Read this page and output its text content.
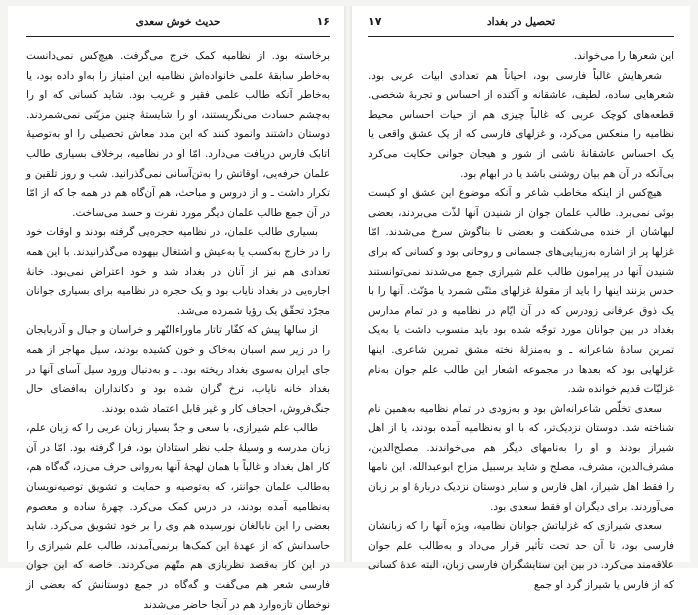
۱۶
حدیث خوش سعدی

برخاسته بود. از نظامیه کمک خرج می‌گرفت. هیچ‌کس نمی‌دانست به‌خاطر سابقهٔ علمی خانواده‌اش نظامیه این امتیاز را به‌او داده بود، یا به‌خاطر آنکه طالب علمی فقیر و غریب بود. شاید کسانی که او را به‌چشم حسادت می‌نگریستند، او را شایستهٔ چنین مزیّتی نمی‌شمردند. دوستان داشتند وانمود کنند که این مدد معاش تحصیلی را او به‌توصیهٔ اتابک فارس دریافت می‌دارد. امّا او در نظامیه، برخلاف بسیاری طالب علمان حرفه‌یی، اوقاتش را به‌تن‌آسانی نمی‌گذرانید. شب و روز تلقین و تکرار داشت ـ و از دروس و مباحث، هم آن‌گاه هم در همه‌ جا که از امّا در آن جمع طالب علمان دیگر مورد نفرت و حسد می‌ساخت.

بسیاری طالب علمان، در نظامیه حجره‌یی گرفته بودند و اوقات خود را در خارج به‌کسب یا به‌عیش و اشتغال بیهوده می‌گذرانیدند. با این همه تعدادی هم نیز از آنان در بغداد شد و خود اعتراض نمی‌بود. خانهٔ اجاره‌یی در بغداد نایاب بود و یک حجره در نظامیه برای بسیاری جوانان مجرّد تحقّق یک رؤیا شمرده می‌شد.

از سالها پیش که کفّار تاتار ماوراءالنّهر و خراسان و جبال و آذربایجان را در زیر سم اسبان به‌خاک و خون کشیده بودند، سیل مهاجر از همه جای ایران به‌سوی بغداد ریخته بود. ـ و به‌دنبال ورود سیل آسای آنها در بغداد خانه نایاب، نرخ گران شده بود و دکانداران به‌افضای حال جنگ‌فروش، احجاف کار و غیر قابل اعتماد شده بودند.

طالب علم شیرازی، با سعی و جدّ بسیار زبان عربی را که زبان علم، زبان مدرسه و وسیلهٔ جلب نظر استادان بود، فرا گرفته بود. امّا در آن کار اهل بغداد و غالباً با همان لهجهٔ آنها به‌روانی حرف می‌زد، گه‌گاه هم، به‌طالب علمان جوانتر، که به‌توصیه و حمایت و تشویق توصیه‌نویسان به‌نظامیه آمده بودند، در درس کمک می‌کرد. چهرهٔ ساده و معصوم بعضی را این نابالغان نورسیده هم وی را بر خود تشویق می‌کرد. شاید حاسدانش که از عهدهٔ این کمک‌ها برنمی‌آمدند، طالب علم شیرازی را در این کار به‌قصد نظربازی هم متّهم می‌کردند. خاصه که این جوان فارسی شعر هم می‌گفت و گه‌گاه در جمع دوستانش که بعضی از نوخطان تازه‌وارد هم در آنجا حاضر می‌شدند

۱۷	تحصیل در بغداد

این شعرها را می‌خواند.

شعرهایش غالباً فارسی بود، احیاناً هم تعدادی ابیات عربی بود. شعرهایی ساده، لطیف، عاشقانه و آکنده از احساس و تجربهٔ شخصی. قطعه‌های کوچک عربی که غالباً چیزی هم از حیات احساس محیط نظامیه را منعکس می‌کرد، و غزلهای فارسی که از یک عشق واقعی یا یک احساس عاشقانهٔ ناشی از شور و هیجان جوانی حکایت می‌کرد بی‌آنکه در آن هم بیان روشنی باشد یا در ابهام بود.

هیچ‌کس از اینکه مخاطب شاعر و آنکه موضوع این عشق او کیست بوئی نمی‌برد. طالب علمان جوان از شنیدن آنها لذّت می‌بردند، بعضی لبهاشان از خنده می‌شکفت و بعضی تا بناگوش سرخ می‌شدند. امّا غزلها پر از اشاره به‌زیبایی‌های جسمانی و روحانی بود و کسانی که برای شنیدن آنها در پیرامون طالب علم شیرازی جمع می‌شدند نمی‌توانستند حدس بزنند اینها را باید از مقولهٔ غزلهای مثنّی شمرد یا مؤنّث. آنها را با یک ذوق عرفانی زودرس که در آن ایّام در نظامیه و در تمام مدارس بغداد در بین جوانان مورد توجّه شده بود باید منسوب داشت یا به‌یک تمرین سادهٔ شاعرانه ـ و به‌منزلهٔ نخته مشق تمرین شاعری. اینها غزلهایی بود که بعدها در مجموعه اشعار این طالب علم جوان به‌نام غزلیّات قدیم خوانده شد.

سعدی تخلّص شاعرانه‌اش بود و به‌زودی در تمام نظامیه به‌همین نام شناخته شد. دوستان نزدیک‌تر، که با او به‌نظامیه آمده بودند، یا از اهل شیراز بودند و او را به‌نامهای دیگر هم می‌خواندند. مصلح‌الدین، مشرف‌الدین، مشرف، مصلح و شاید برسبیل مزاح ابوعبدالله. این نامها را فقط اهل شیراز، اهل فارس و سایر دوستان نزدیک دربارهٔ او بر زبان می‌آوردند. برای دیگران او فقط سعدی بود.

سعدی شیرازی که غزلیاتش جوانان نظامیه، ویژه آنها را که زبانشان فارسی بود، تا آن حد تحت تأثیر قرار می‌داد و به‌طالب علم جوان علاقه‌مند می‌کرد. در بین این ستایشگران فارسی زبان، البته عدهٔ کسانی که از فارس یا شیراز گرد او جمع
